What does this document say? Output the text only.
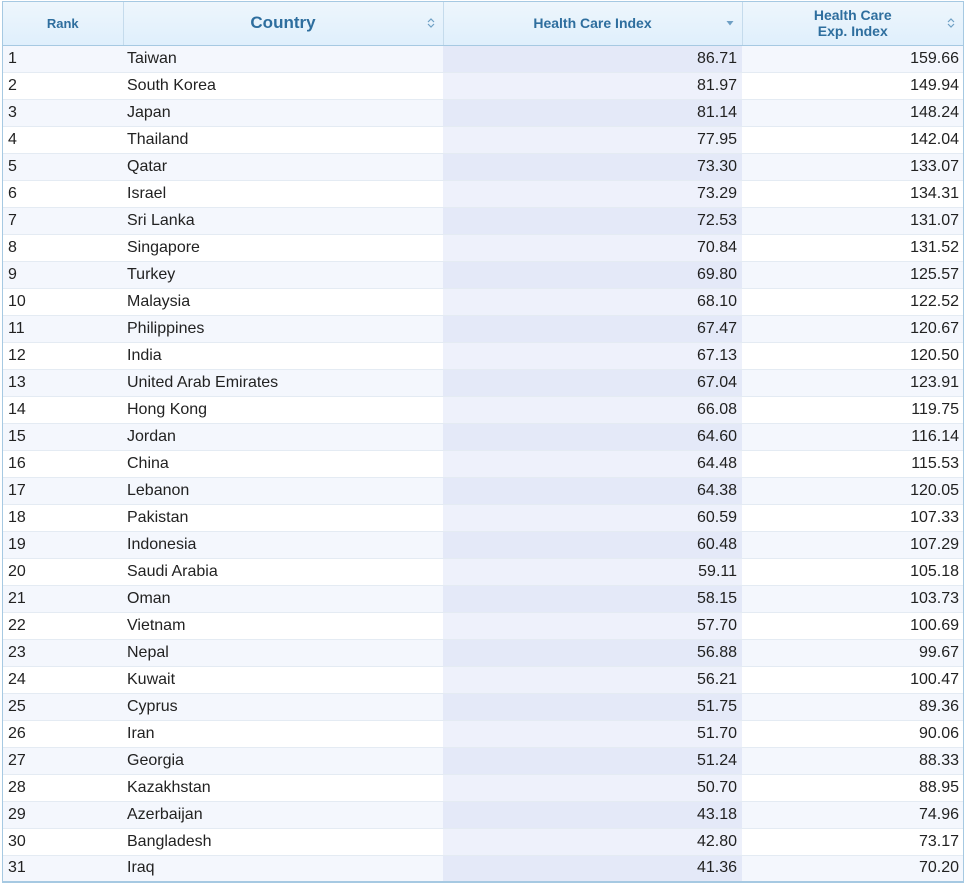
Rank	Country	Health Care Index	Health Care
Exp. Index

1	Taiwan	86.71	159.66
2	South Korea	81.97	149.94
3	Japan	81.14	148.24
4	Thailand	77.95	142.04
5	Qatar	73.30	133.07
6	Israel	73.29	134.31
7	Sri Lanka	72.53	131.07
8	Singapore	70.84	131.52
9	Turkey	69.80	125.57
10	Malaysia	68.10	122.52
11	Philippines	67.47	120.67
12	India	67.13	120.50
13	United Arab Emirates	67.04	123.91
14	Hong Kong	66.08	119.75
15	Jordan	64.60	116.14
16	China	64.48	115.53
17	Lebanon	64.38	120.05
18	Pakistan	60.59	107.33
19	Indonesia	60.48	107.29
20	Saudi Arabia	59.11	105.18
21	Oman	58.15	103.73
22	Vietnam	57.70	100.69
23	Nepal	56.88	99.67
24	Kuwait	56.21	100.47
25	Cyprus	51.75	89.36
26	Iran	51.70	90.06
27	Georgia	51.24	88.33
28	Kazakhstan	50.70	88.95
29	Azerbaijan	43.18	74.96
30	Bangladesh	42.80	73.17
31	Iraq	41.36	70.20
